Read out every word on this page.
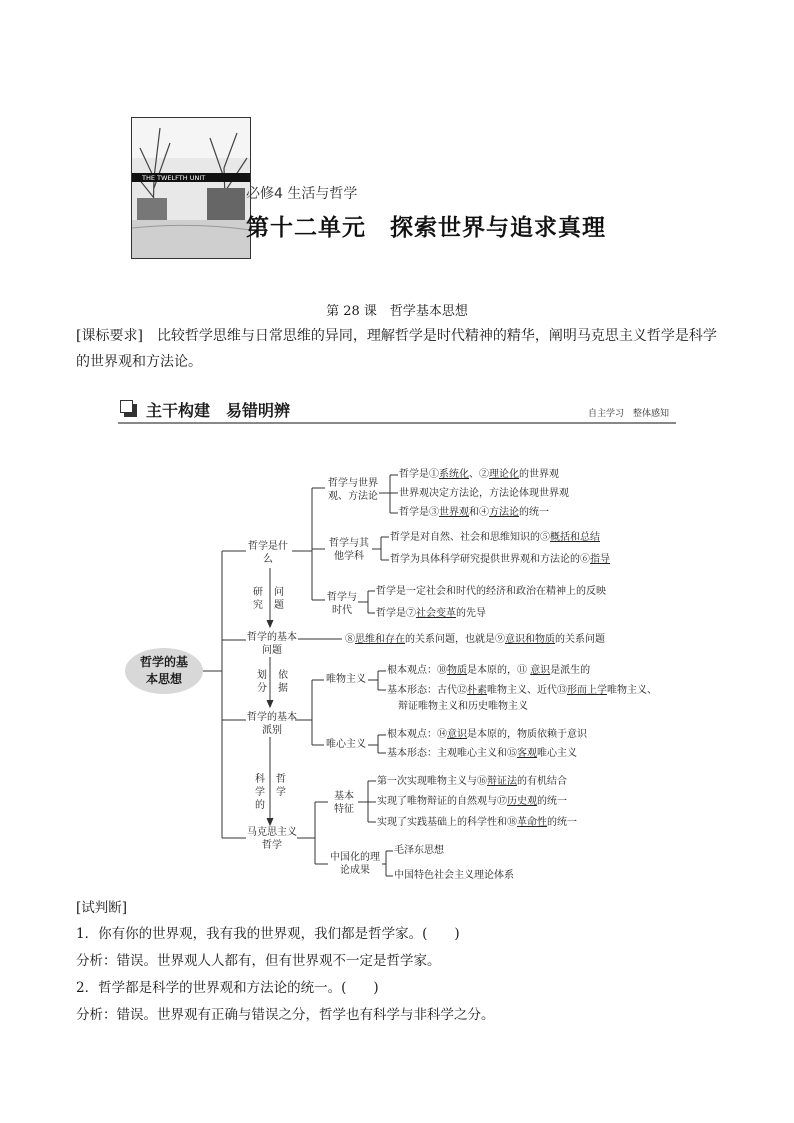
THE TWELFTH UNIT
必修4 生活与哲学
第十二单元　探索世界与追求真理
第 28 课　哲学基本思想
[课标要求]　 比较哲学思维与日常思维的异同，理解哲学是时代精神的精华，阐明马克思主义哲学是科学的世界观和方法论。
主干构建　易错明辨	自主学习　整体感知
哲学的基本思想
哲学是什么
研究
问题
哲学的基本问题
划分
依据
哲学的基本派别
科学的
哲学
马克思主义哲学
哲学与世界观、方法论
哲学与其他学科
哲学与时代
唯物主义
唯心主义
基本特征
中国化的理论成果
哲学是①系统化、②理论化的世界观
世界观决定方法论，方法论体现世界观
哲学是③世界观和④方法论的统一
哲学是对自然、社会和思维知识的⑤概括和总结
哲学为具体科学研究提供世界观和方法论的⑥指导
哲学是一定社会和时代的经济和政治在精神上的反映
哲学是⑦社会变革的先导
⑧思维和存在的关系问题，也就是⑨意识和物质的关系问题
根本观点：⑩物质是本原的，⑪ 意识是派生的
基本形态：古代⑫朴素唯物主义、近代⑬形而上学唯物主义、
辩证唯物主义和历史唯物主义
根本观点：⑭意识是本原的，物质依赖于意识
基本形态：主观唯心主义和⑮客观唯心主义
第一次实现唯物主义与⑯辩证法的有机结合
实现了唯物辩证的自然观与⑰历史观的统一
实现了实践基础上的科学性和⑱革命性的统一
毛泽东思想
中国特色社会主义理论体系
[试判断]
1．你有你的世界观，我有我的世界观，我们都是哲学家。(　　)
分析：错误。世界观人人都有，但有世界观不一定是哲学家。
2．哲学都是科学的世界观和方法论的统一。(　　)
分析：错误。世界观有正确与错误之分，哲学也有科学与非科学之分。
